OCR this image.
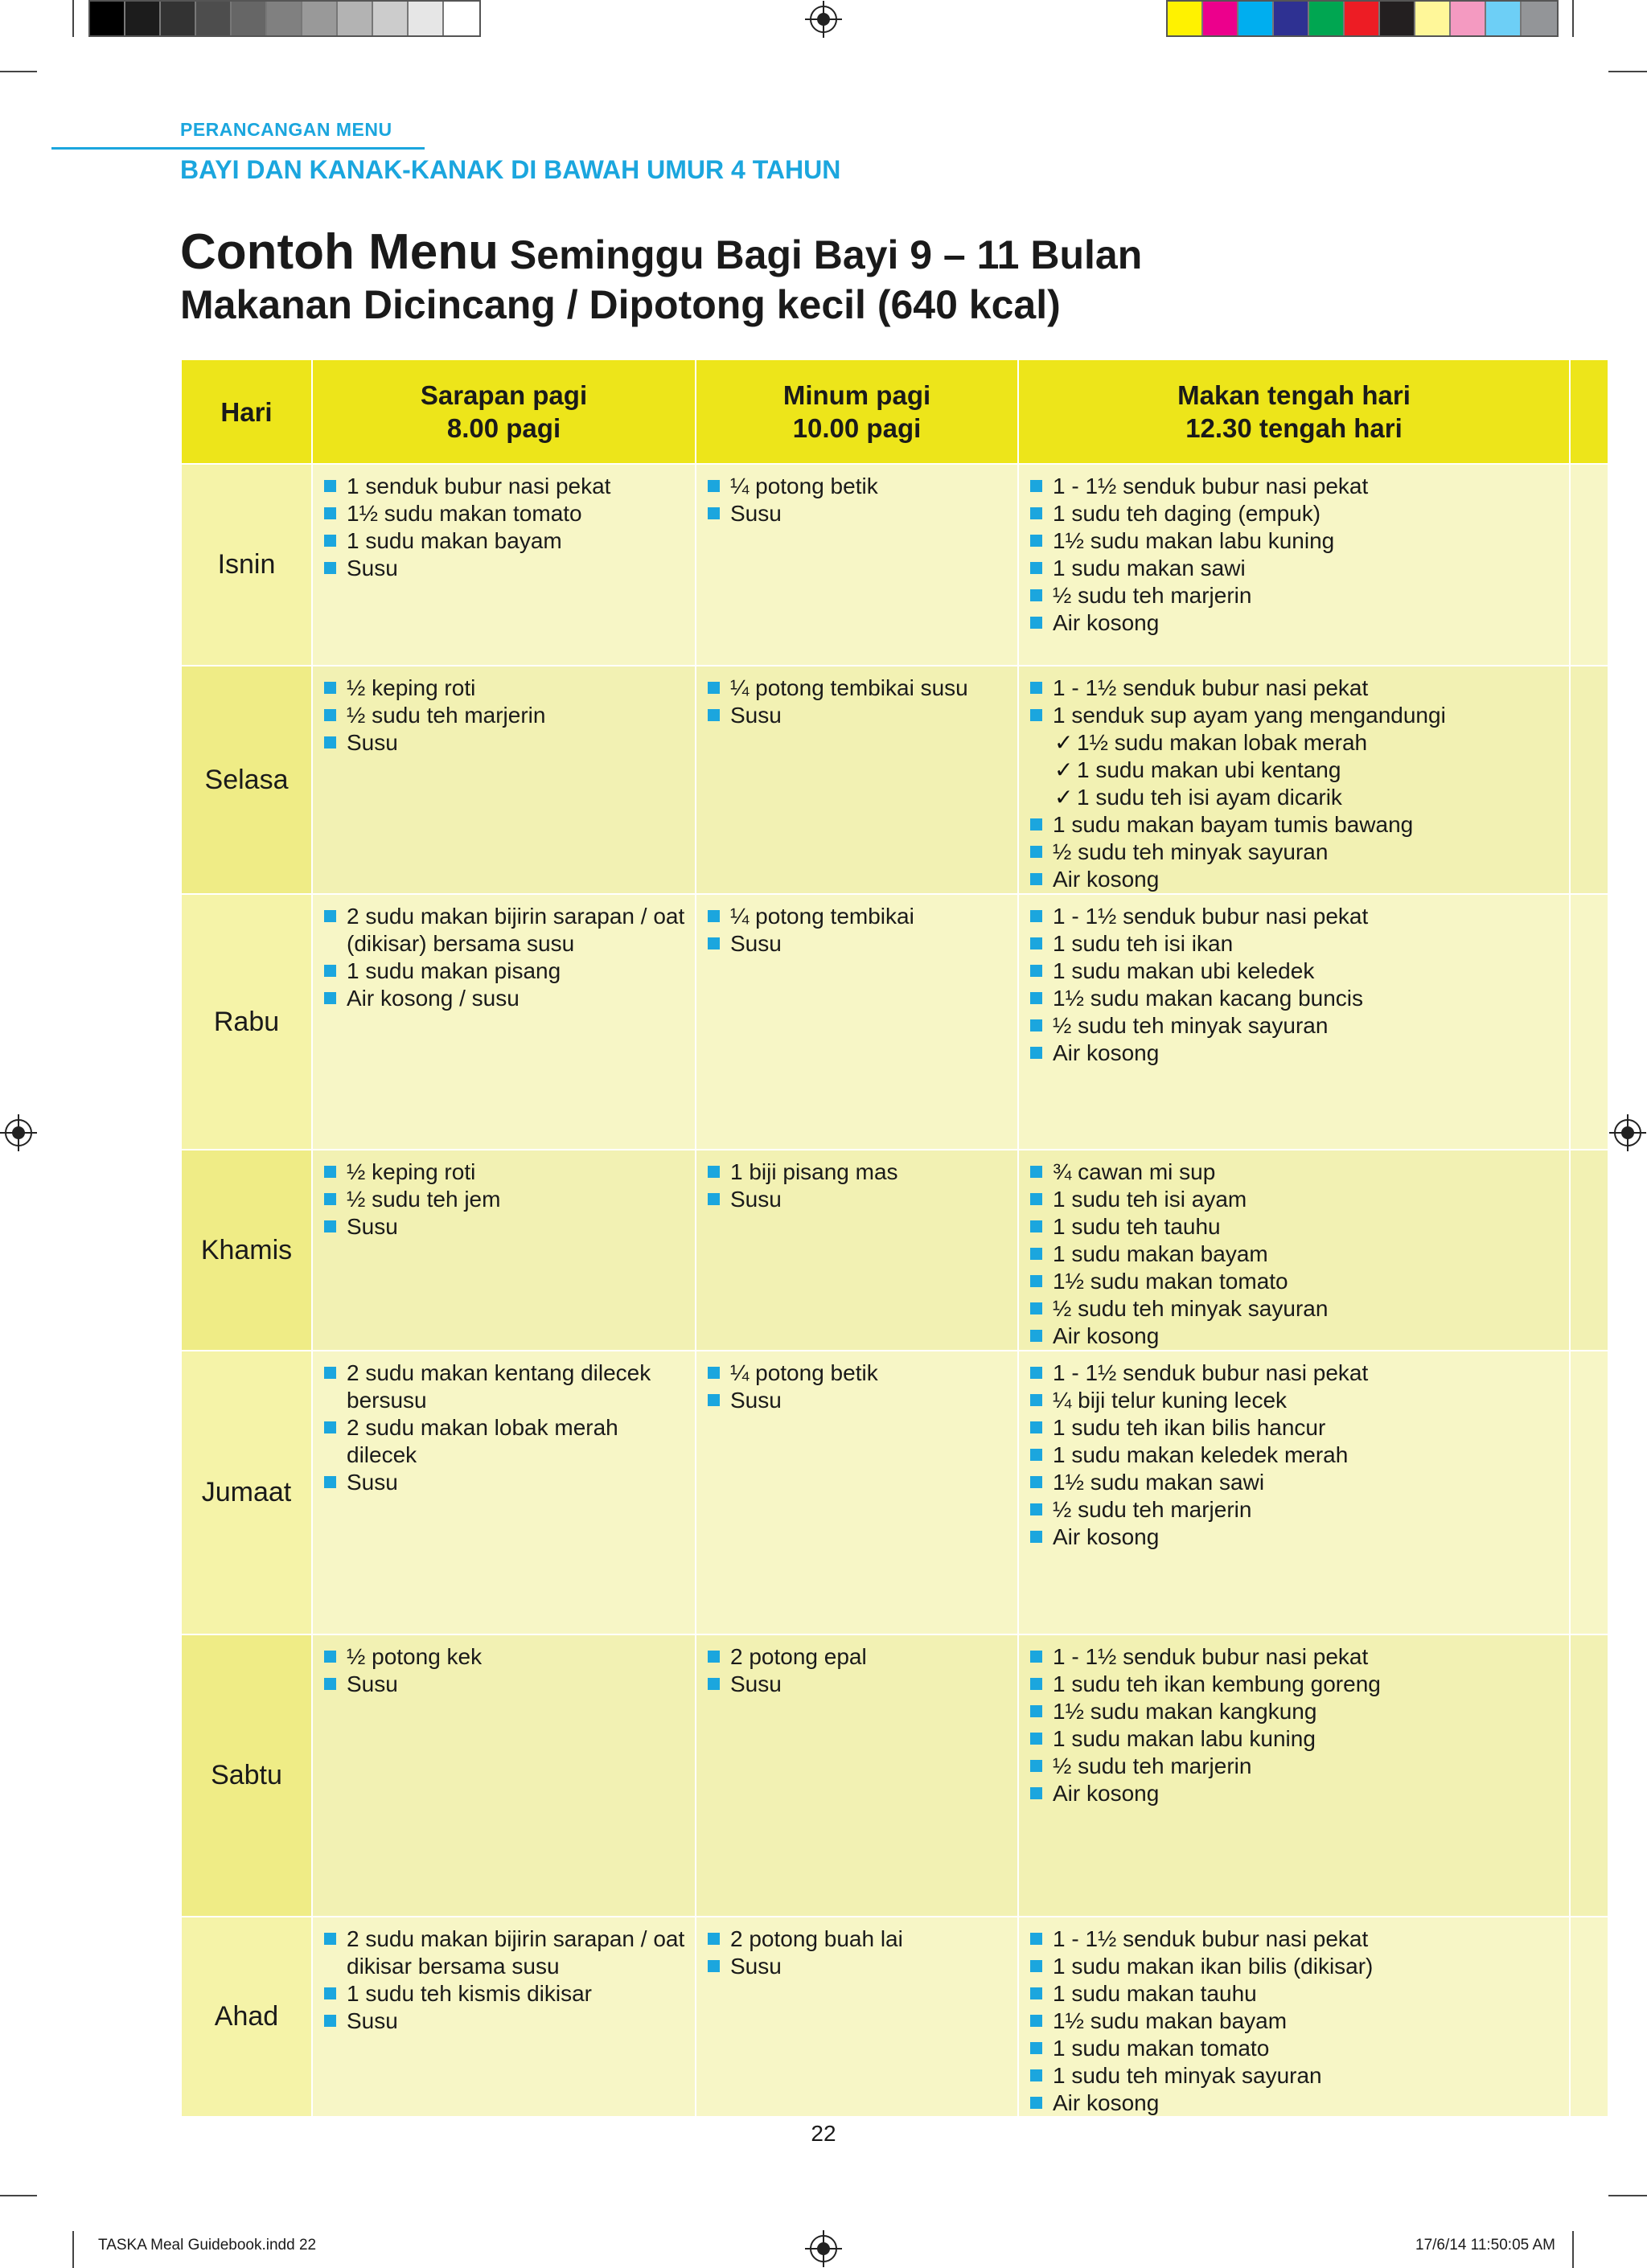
PERANCANGAN MENU
BAYI DAN KANAK-KANAK DI BAWAH UMUR 4 TAHUN
Contoh Menu Seminggu Bagi Bayi 9 – 11 Bulan
Makanan Dicincang / Dipotong kecil (640 kcal)
Hari
Sarapan pagi
8.00 pagi
Minum pagi
10.00 pagi
Makan tengah hari
12.30 tengah hari
Isnin
1 senduk bubur nasi pekat
1½ sudu makan tomato
1 sudu makan bayam
Susu
¼ potong betik
Susu
1 - 1½ senduk bubur nasi pekat
1 sudu teh daging (empuk)
1½ sudu makan labu kuning
1 sudu makan sawi
½ sudu teh marjerin
Air kosong
Selasa
½ keping roti
½ sudu teh marjerin
Susu
¼ potong tembikai susu
Susu
1 - 1½ senduk bubur nasi pekat
1 senduk sup ayam yang mengandungi
✓ 1½ sudu makan lobak merah
✓ 1 sudu makan ubi kentang
✓ 1 sudu teh isi ayam dicarik
1 sudu makan bayam tumis bawang
½ sudu teh minyak sayuran
Air kosong
Rabu
2 sudu makan bijirin sarapan / oat (dikisar) bersama susu
1 sudu makan pisang
Air kosong / susu
¼ potong tembikai
Susu
1 - 1½ senduk bubur nasi pekat
1 sudu teh isi ikan
1 sudu makan ubi keledek
1½ sudu makan kacang buncis
½ sudu teh minyak sayuran
Air kosong
Khamis
½ keping roti
½ sudu teh jem
Susu
1 biji pisang mas
Susu
¾ cawan mi sup
1 sudu teh isi ayam
1 sudu teh tauhu
1 sudu makan bayam
1½ sudu makan tomato
½ sudu teh minyak sayuran
Air kosong
Jumaat
2 sudu makan kentang dilecek bersusu
2 sudu makan lobak merah dilecek
Susu
¼ potong betik
Susu
1 - 1½ senduk bubur nasi pekat
¼ biji telur kuning lecek
1 sudu teh ikan bilis hancur
1 sudu makan keledek merah
1½ sudu makan sawi
½ sudu teh marjerin
Air kosong
Sabtu
½ potong kek
Susu
2 potong epal
Susu
1 - 1½ senduk bubur nasi pekat
1 sudu teh ikan kembung goreng
1½ sudu makan kangkung
1 sudu makan labu kuning
½ sudu teh marjerin
Air kosong
Ahad
2 sudu makan bijirin sarapan / oat dikisar bersama susu
1 sudu teh kismis dikisar
Susu
2 potong buah lai
Susu
1 - 1½ senduk bubur nasi pekat
1 sudu makan ikan bilis (dikisar)
1 sudu makan tauhu
1½ sudu makan bayam
1 sudu makan tomato
1 sudu teh minyak sayuran
Air kosong
22
TASKA Meal Guidebook.indd 22	17/6/14 11:50:05 AM
